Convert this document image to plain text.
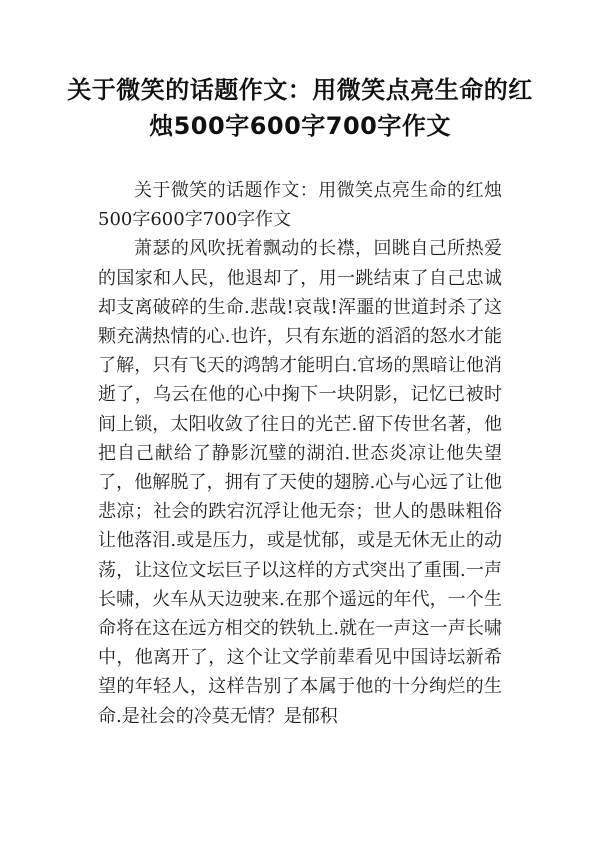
关于微笑的话题作文：用微笑点亮生命的红烛500字600字700字作文

关于微笑的话题作文：用微笑点亮生命的红烛500字600字700字作文

萧瑟的风吹抚着飘动的长襟，回眺自己所热爱的国家和人民，他退却了，用一跳结束了自己忠诚却支离破碎的生命.悲哉!哀哉!浑噩的世道封杀了这颗充满热情的心.也许，只有东逝的滔滔的怒水才能了解，只有飞天的鸿鹄才能明白.官场的黑暗让他消逝了，乌云在他的心中掬下一块阴影，记忆已被时间上锁，太阳收敛了往日的光芒.留下传世名著，他把自己献给了静影沉璧的湖泊.世态炎凉让他失望了，他解脱了，拥有了天使的翅膀.心与心远了让他悲凉；社会的跌宕沉浮让他无奈；世人的愚昧粗俗让他落泪.或是压力，或是忧郁，或是无休无止的动荡，让这位文坛巨子以这样的方式突出了重围.一声长啸，火车从天边驶来.在那个遥远的年代，一个生命将在这在远方相交的铁轨上.就在一声这一声长啸中，他离开了，这个让文学前辈看见中国诗坛新希望的年轻人，这样告别了本属于他的十分绚烂的生命.是社会的冷莫无情？是郁积
